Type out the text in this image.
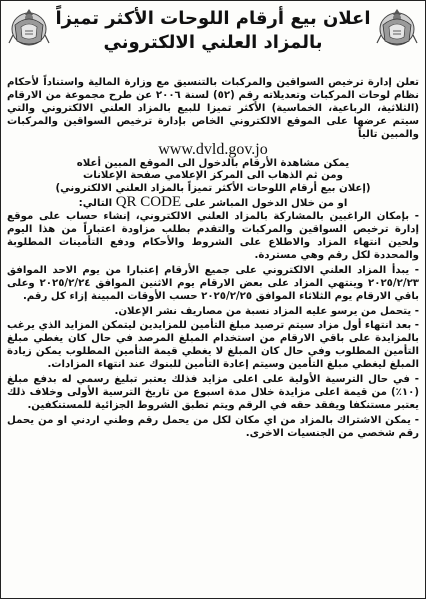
اعلان بيع أرقام اللوحات الأكثر تميزاً

بالمزاد العلني الالكتروني

تعلن إدارة ترخيص السواقين والمركبات بالتنسيق مع وزارة المالية واستناداً لأحكام نظام لوحات المركبات وتعديلاته رقم (٥٢) لسنة ٢٠٠٦ عن طرح مجموعة من الارقام (الثلاثية، الرباعية، الخماسية) الأكثر تميزا للبيع بالمزاد العلني الالكتروني والتي سيتم عرضها على الموقع الالكتروني الخاص بإدارة ترخيص السواقين والمركبات والمبين تالياً

www.dvld.gov.jo

يمكن مشاهدة الأرقام بالدخول الى الموقع المبين أعلاه

ومن ثم الذهاب الى المركز الإعلامي صفحة الإعلانات

(إعلان بيع أرقام اللوحات الأكثر تميزاً بالمزاد العلني الالكتروني)

او من خلال الدخول المباشر على QR CODE التالي:

- بإمكان الراغبين بالمشاركة بالمزاد العلني الالكتروني، إنشاء حساب على موقع إدارة ترخيص السواقين والمركبات والتقدم بطلب مزاودة اعتباراً من هذا اليوم ولحين انتهاء المزاد والاطلاع على الشروط والأحكام ودفع التأمينات المطلوبة والمحددة لكل رقم وهي مستردة.

- يبدأ المزاد العلني الالكتروني على جميع الأرقام إعتبارا من يوم الاحد الموافق ٢٠٢٥/٢/٢٣ وينتهي المزاد على بعض الارقام يوم الاثنين الموافق ٢٠٢٥/٢/٢٤ وعلى باقي الارقام يوم الثلاثاء الموافق ٢٠٢٥/٢/٢٥ حسب الأوقات المبينة إزاء كل رقم.

- يتحمل من يرسو عليه المزاد نسبة من مصاريف نشر الإعلان.

- بعد انتهاء أول مزاد سيتم ترصيد مبلغ التأمين للمزايدين ليتمكن المزايد الذي يرغب بالمزايدة على باقي الارقام من استخدام المبلغ المرصد في حال كان يغطي مبلغ التأمين المطلوب وفي حال كان المبلغ لا يغطي قيمة التأمين المطلوب يمكن زيادة المبلغ ليغطي مبلغ التأمين وسيتم إعادة التأمين للبنوك عند انتهاء المزادات.

- في حال الترسية الأولية على اعلى مزايد فذلك يعتبر تبليغ رسمي له بدفع مبلغ (١٠٪) من قيمة اعلى مزايدة خلال مدة اسبوع من تاريخ الترسية الأولى وخلاف ذلك يعتبر مستنكفا ويفقد حقه في الرقم ويتم تطبق الشروط الجزائية للمستنكفين.

- يمكن الاشتراك بالمزاد من اي مكان لكل من يحمل رقم وطني اردني او من يحمل رقم شخصي من الجنسيات الاخرى.
